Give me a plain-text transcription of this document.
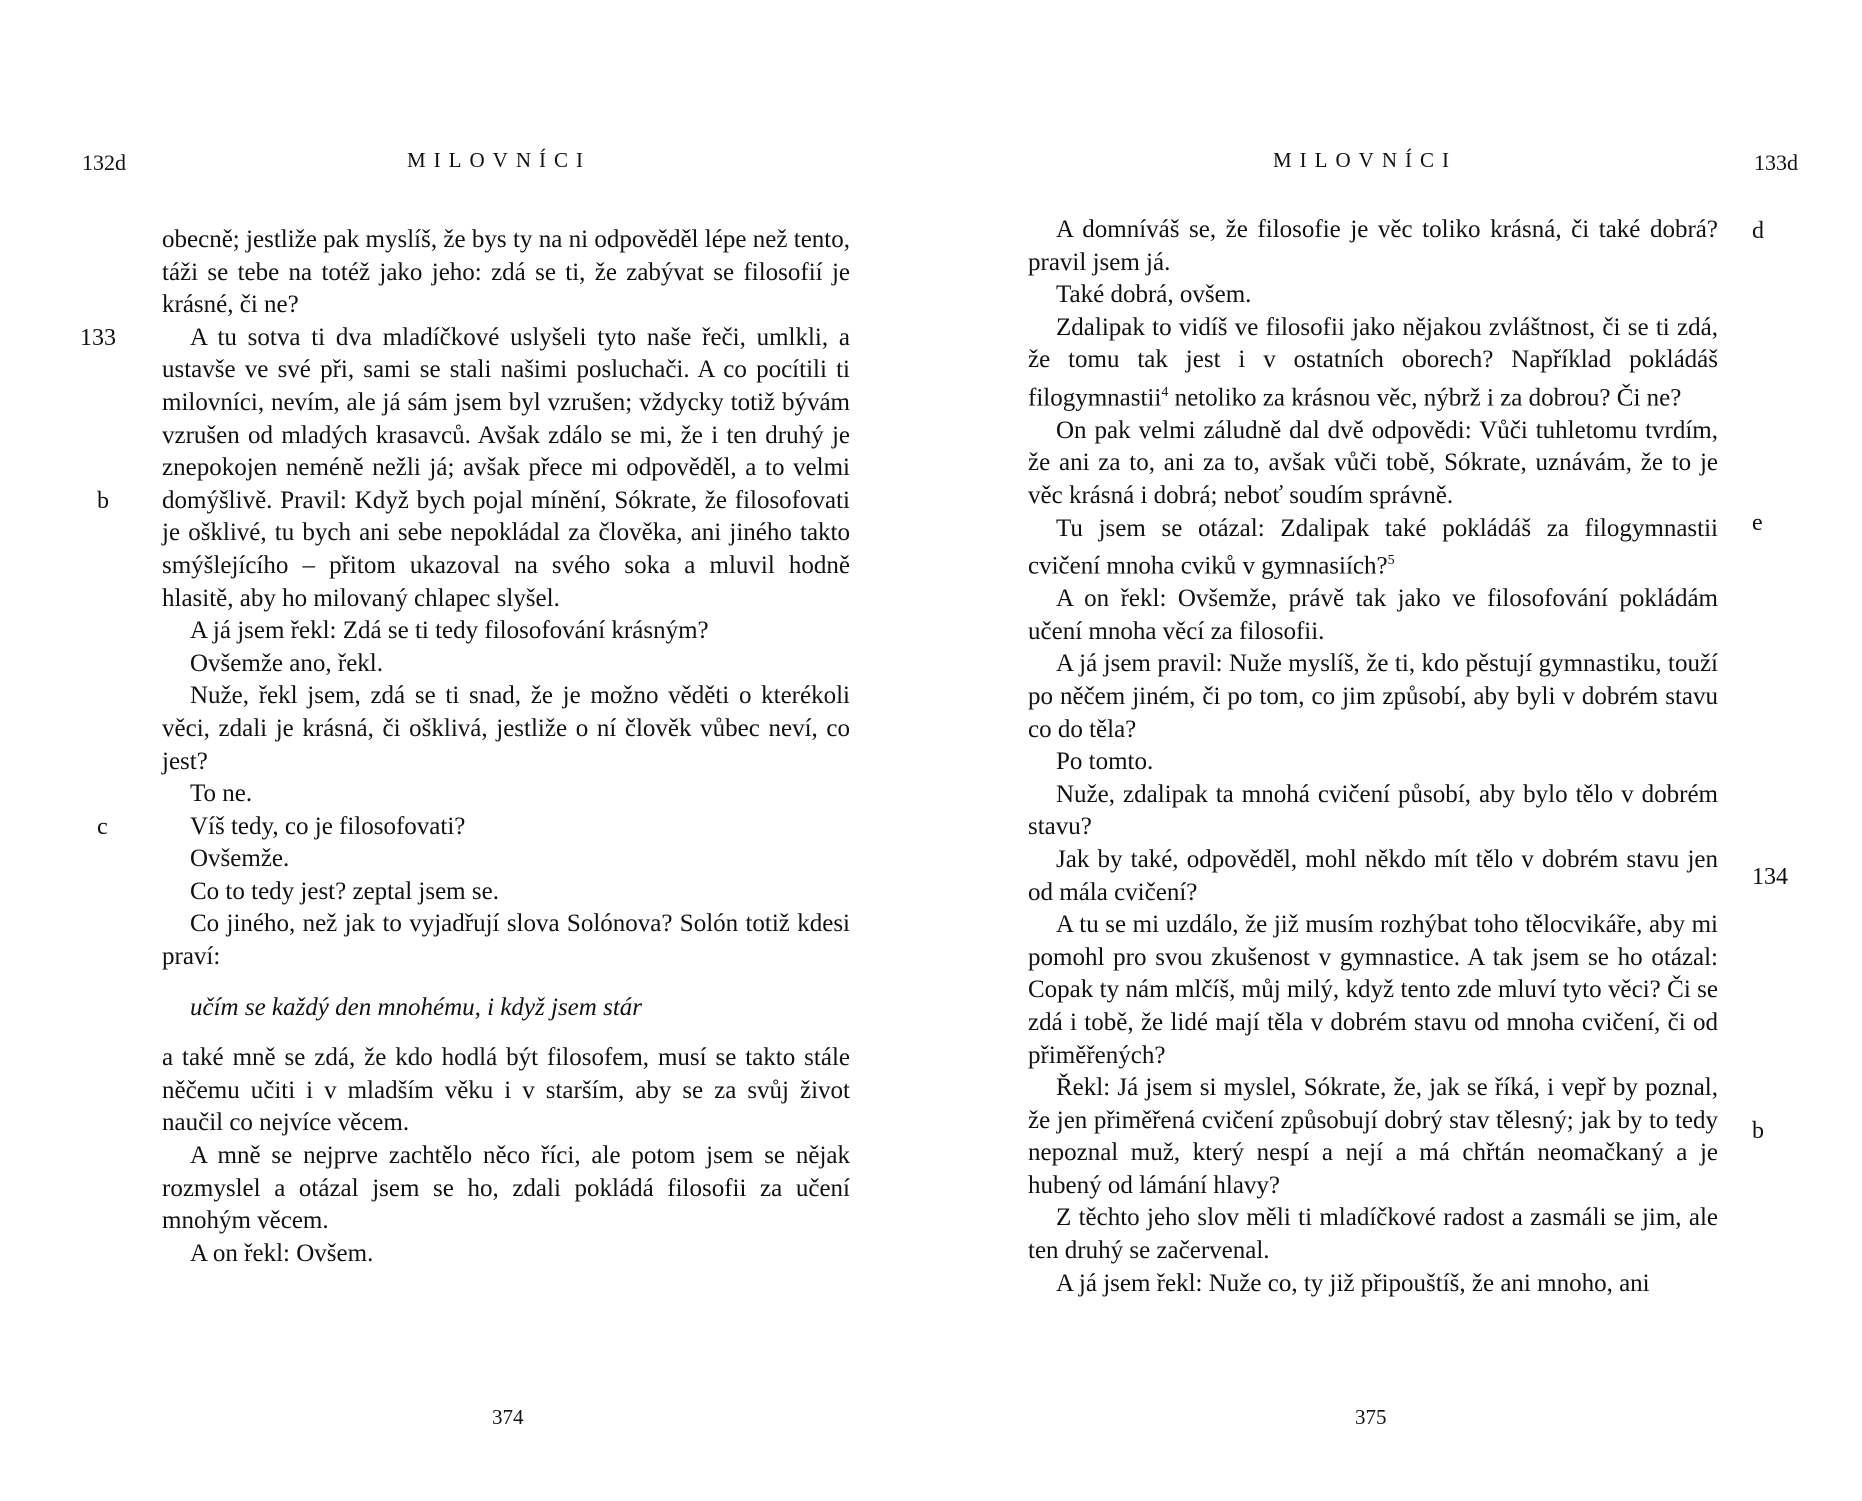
132d	MILOVNÍCI
133
b
c

obecně; jestliže pak myslíš, že bys ty na ni odpověděl lépe než tento, táži se tebe na totéž jako jeho: zdá se ti, že zabývat se filosofií je krásné, či ne?

A tu sotva ti dva mladíčkové uslyšeli tyto naše řeči, umlkli, a ustavše ve své při, sami se stali našimi posluchači. A co pocítili ti milovníci, nevím, ale já sám jsem byl vzrušen; vždycky totiž bývám vzrušen od mladých krasavců. Avšak zdálo se mi, že i ten druhý je znepokojen neméně nežli já; avšak přece mi odpověděl, a to velmi domýšlivě. Pravil: Když bych pojal mínění, Sókrate, že filosofovati je ošklivé, tu bych ani sebe nepokládal za člověka, ani jiného takto smýšlejícího – přitom ukazoval na svého soka a mluvil hodně hlasitě, aby ho milovaný chlapec slyšel.

A já jsem řekl: Zdá se ti tedy filosofování krásným?

Ovšemže ano, řekl.

Nuže, řekl jsem, zdá se ti snad, že je možno věděti o kterékoli věci, zdali je krásná, či ošklivá, jestliže o ní člověk vůbec neví, co jest?

To ne.

Víš tedy, co je filosofovati?

Ovšemže.

Co to tedy jest? zeptal jsem se.

Co jiného, než jak to vyjadřují slova Solónova? Solón totiž kdesi praví:

učím se každý den mnohému, i když jsem stár

a také mně se zdá, že kdo hodlá být filosofem, musí se takto stále něčemu učiti i v mladším věku i v starším, aby se za svůj život naučil co nejvíce věcem.

A mně se nejprve zachtělo něco říci, ale potom jsem se nějak rozmyslel a otázal jsem se ho, zdali pokládá filosofii za učení mnohým věcem.

A on řekl: Ovšem.

374
MILOVNÍCI	133d
d
e
134
b

A domníváš se, že filosofie je věc toliko krásná, či také dobrá? pravil jsem já.

Také dobrá, ovšem.

Zdalipak to vidíš ve filosofii jako nějakou zvláštnost, či se ti zdá, že tomu tak jest i v ostatních oborech? Například pokládáš filogymnastii$^4$ netoliko za krásnou věc, nýbrž i za dobrou? Či ne?

On pak velmi záludně dal dvě odpovědi: Vůči tuhletomu tvrdím, že ani za to, ani za to, avšak vůči tobě, Sókrate, uznávám, že to je věc krásná i dobrá; neboť soudím správně.

Tu jsem se otázal: Zdalipak také pokládáš za filogymnastii cvičení mnoha cviků v gymnasiích?$^5$

A on řekl: Ovšemže, právě tak jako ve filosofování pokládám učení mnoha věcí za filosofii.

A já jsem pravil: Nuže myslíš, že ti, kdo pěstují gymnastiku, touží po něčem jiném, či po tom, co jim způsobí, aby byli v dobrém stavu co do těla?

Po tomto.

Nuže, zdalipak ta mnohá cvičení působí, aby bylo tělo v dobrém stavu?

Jak by také, odpověděl, mohl někdo mít tělo v dobrém stavu jen od mála cvičení?

A tu se mi uzdálo, že již musím rozhýbat toho tělocvikáře, aby mi pomohl pro svou zkušenost v gymnastice. A tak jsem se ho otázal: Copak ty nám mlčíš, můj milý, když tento zde mluví tyto věci? Či se zdá i tobě, že lidé mají těla v dobrém stavu od mnoha cvičení, či od přiměřených?

Řekl: Já jsem si myslel, Sókrate, že, jak se říká, i vepř by poznal, že jen přiměřená cvičení způsobují dobrý stav tělesný; jak by to tedy nepoznal muž, který nespí a nejí a má chřtán neomačkaný a je hubený od lámání hlavy?

Z těchto jeho slov měli ti mladíčkové radost a zasmáli se jim, ale ten druhý se začervenal.

A já jsem řekl: Nuže co, ty již připouštíš, že ani mnoho, ani

375
